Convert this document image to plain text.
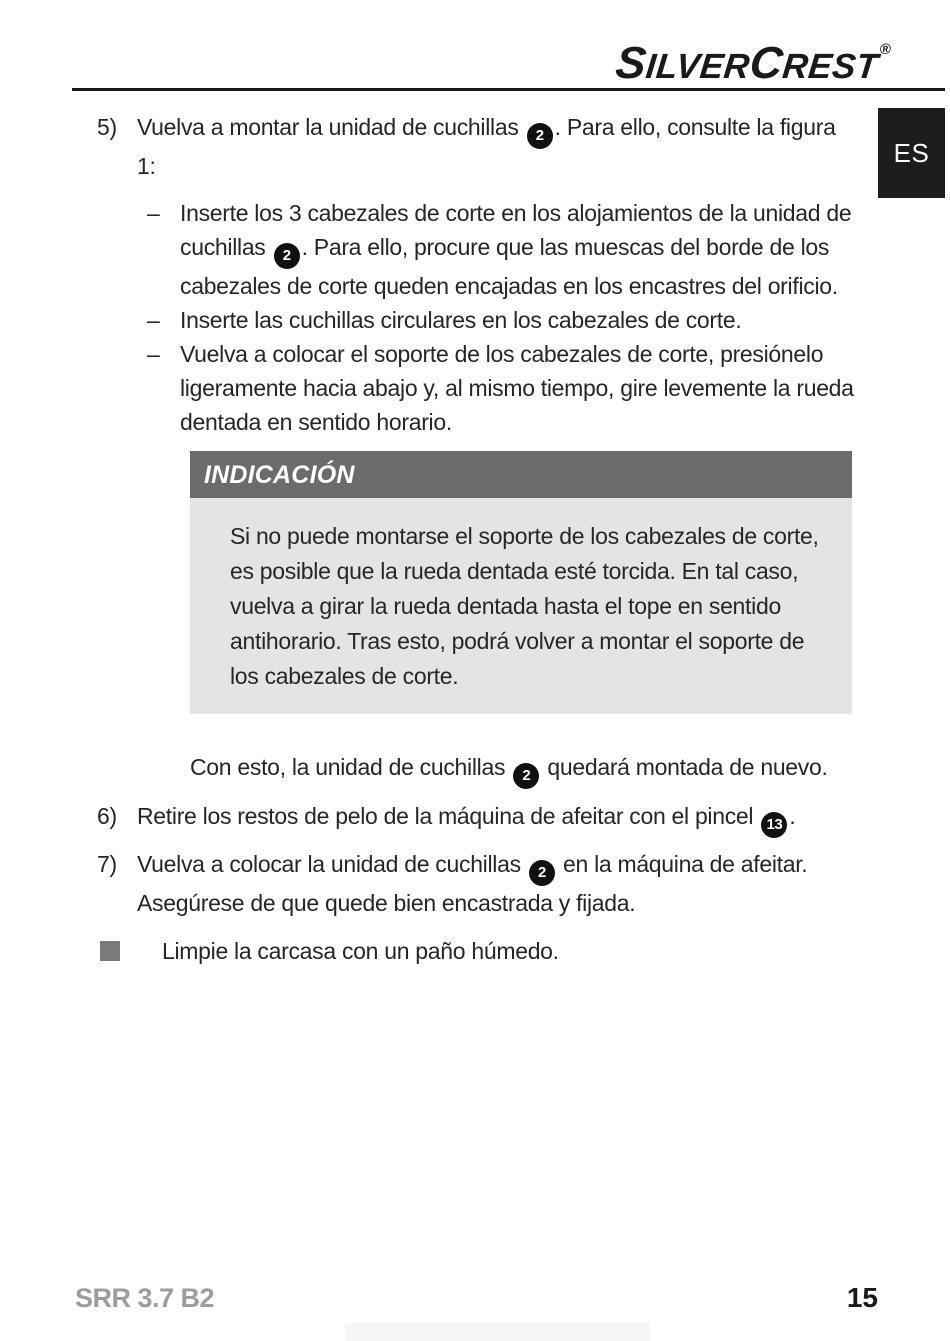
SILVERCREST®
ES
5) Vuelva a montar la unidad de cuchillas 2 . Para ello, consulte la figura 1:
– Inserte los 3 cabezales de corte en los alojamientos de la unidad de cuchillas 2 . Para ello, procure que las muescas del borde de los cabezales de corte queden encajadas en los encastres del orificio.
– Inserte las cuchillas circulares en los cabezales de corte.
– Vuelva a colocar el soporte de los cabezales de corte, presiónelo ligeramente hacia abajo y, al mismo tiempo, gire levemente la rueda dentada en sentido horario.
INDICACIÓN
Si no puede montarse el soporte de los cabezales de corte, es posible que la rueda dentada esté torcida. En tal caso, vuelva a girar la rueda dentada hasta el tope en sentido antihorario. Tras esto, podrá volver a montar el soporte de los cabezales de corte.

Con esto, la unidad de cuchillas 2 quedará montada de nuevo.

6) Retire los restos de pelo de la máquina de afeitar con el pincel 13 .
7) Vuelva a colocar la unidad de cuchillas 2 en la máquina de afeitar. Asegúrese de que quede bien encastrada y fijada.
Limpie la carcasa con un paño húmedo.
SRR 3.7 B2	15
